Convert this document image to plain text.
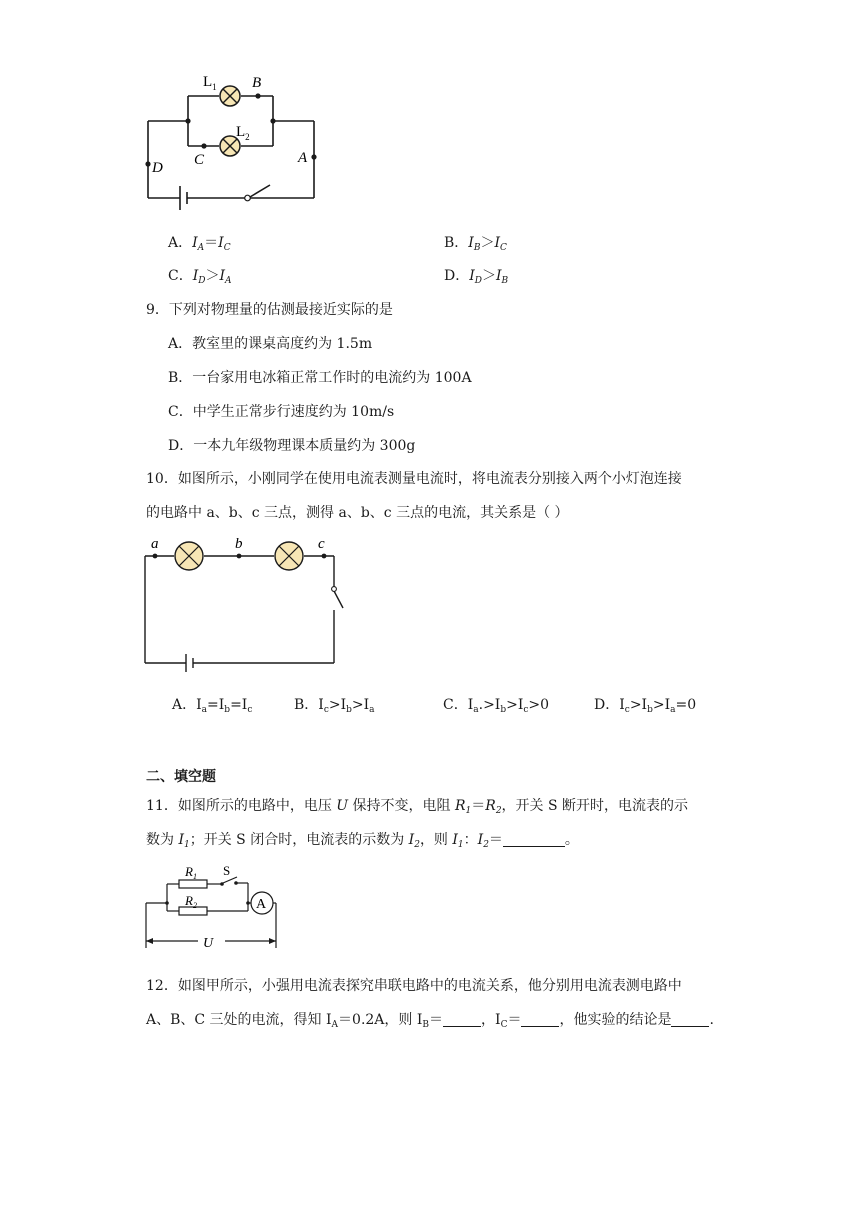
$L_1$ B
$L_2$
C
D
A
A．$I_A=I_C$	B．$I_B>I_C$
C．$I_D>I_A$	D．$I_D>I_B$
9．下列对物理量的估测最接近实际的是
A．教室里的课桌高度约为 1.5m
B．一台家用电冰箱正常工作时的电流约为 100A
C．中学生正常步行速度约为 10m/s
D．一本九年级物理课本质量约为 300g
10．如图所示，小刚同学在使用电流表测量电流时，将电流表分别接入两个小灯泡连接
的电路中 a、b、c 三点，测得 a、b、c 三点的电流，其关系是（ ）
a	b	c
A．$I_a=I_b=I_c$	B．$I_c>I_b>I_a$	C．$I_a.>I_b>I_c>0$	D．$I_c>I_b>I_a=0$
二、填空题
11．如图所示的电路中，电压 U 保持不变，电阻 $R_1=R_2$，开关 S 断开时，电流表的示
数为 $I_1$；开关 S 闭合时，电流表的示数为 $I_2$，则 $I_1$：$I_2=$	。
A
$R_1$
$R_2$
S
U
12．如图甲所示，小强用电流表探究串联电路中的电流关系，他分别用电流表测电路中
A、B、C 三处的电流，得知 $I_A=0.2A$，则 $I_B=$	，$I_C=$	，他实验的结论是	.
